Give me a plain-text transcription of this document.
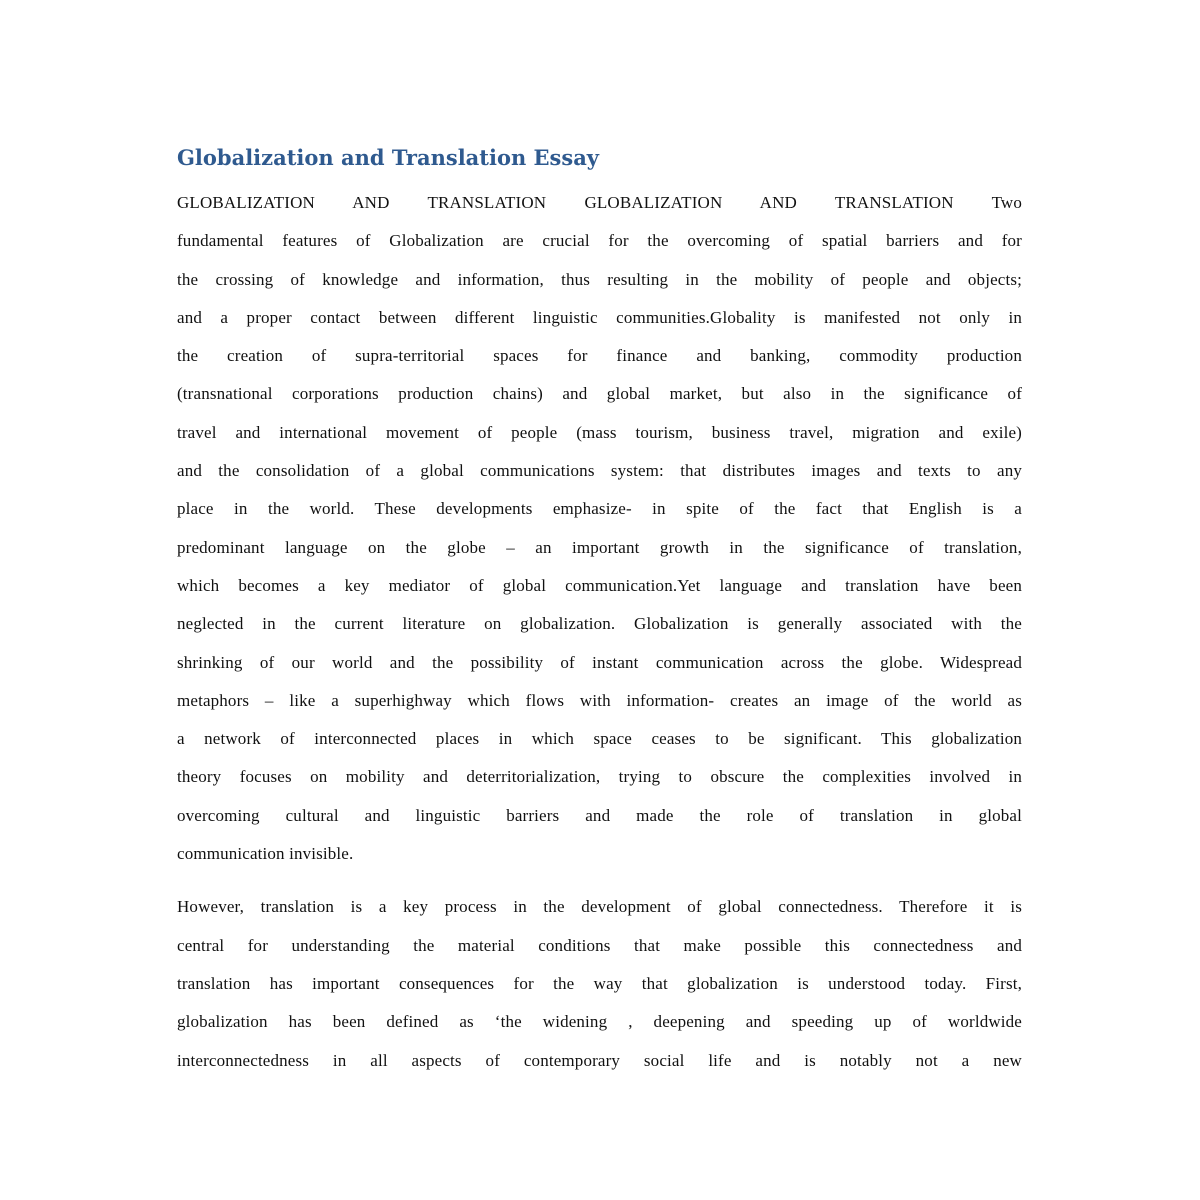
Globalization and Translation Essay

GLOBALIZATION AND TRANSLATION GLOBALIZATION AND TRANSLATION Two
fundamental features of Globalization are crucial for the overcoming of spatial barriers and for
the crossing of knowledge and information, thus resulting in the mobility of people and objects;
and a proper contact between different linguistic communities.Globality is manifested not only in
the creation of supra-territorial spaces for finance and banking, commodity production
(transnational corporations production chains) and global market, but also in the significance of
travel and international movement of people (mass tourism, business travel, migration and exile)
and the consolidation of a global communications system: that distributes images and texts to any
place in the world. These developments emphasize- in spite of the fact that English is a
predominant language on the globe – an important growth in the significance of translation,
which becomes a key mediator of global communication.Yet language and translation have been
neglected in the current literature on globalization. Globalization is generally associated with the
shrinking of our world and the possibility of instant communication across the globe. Widespread
metaphors – like a superhighway which flows with information- creates an image of the world as
a network of interconnected places in which space ceases to be significant. This globalization
theory focuses on mobility and deterritorialization, trying to obscure the complexities involved in
overcoming cultural and linguistic barriers and made the role of translation in global
communication invisible.

However, translation is a key process in the development of global connectedness. Therefore it is
central for understanding the material conditions that make possible this connectedness and
translation has important consequences for the way that globalization is understood today. First,
globalization has been defined as ‘the widening , deepening and speeding up of worldwide
interconnectedness in all aspects of contemporary social life and is notably not a new
